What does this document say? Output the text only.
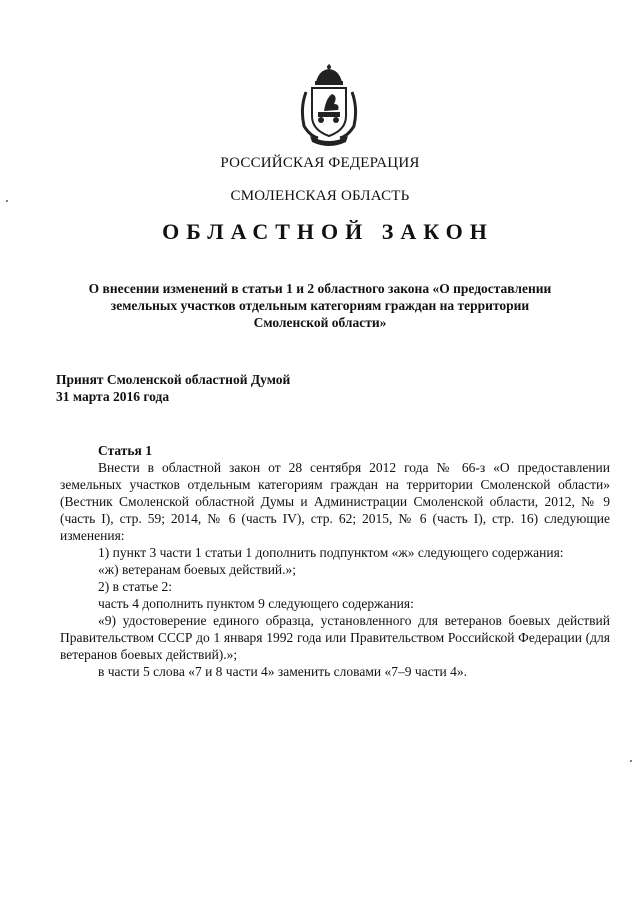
РОССИЙСКАЯ ФЕДЕРАЦИЯ
СМОЛЕНСКАЯ ОБЛАСТЬ
ОБЛАСТНОЙ ЗАКОН
О внесении изменений в статьи 1 и 2 областного закона «О предоставлении
земельных участков отдельным категориям граждан на территории
Смоленской области»
Принят Смоленской областной Думой
31 марта 2016 года

Статья 1

Внести в областной закон от 28 сентября 2012 года № 66-з «О предоставлении земельных участков отдельным категориям граждан на территории Смоленской области» (Вестник Смоленской областной Думы и Администрации Смоленской области, 2012, № 9 (часть I), стр. 59; 2014, № 6 (часть IV), стр. 62; 2015, № 6 (часть I), стр. 16) следующие изменения:

1) пункт 3 части 1 статьи 1 дополнить подпунктом «ж» следующего содержания:

«ж) ветеранам боевых действий.»;

2) в статье 2:

часть 4 дополнить пунктом 9 следующего содержания:

«9) удостоверение единого образца, установленного для ветеранов боевых действий Правительством СССР до 1 января 1992 года или Правительством Российской Федерации (для ветеранов боевых действий).»;

в части 5 слова «7 и 8 части 4» заменить словами «7–9 части 4».
